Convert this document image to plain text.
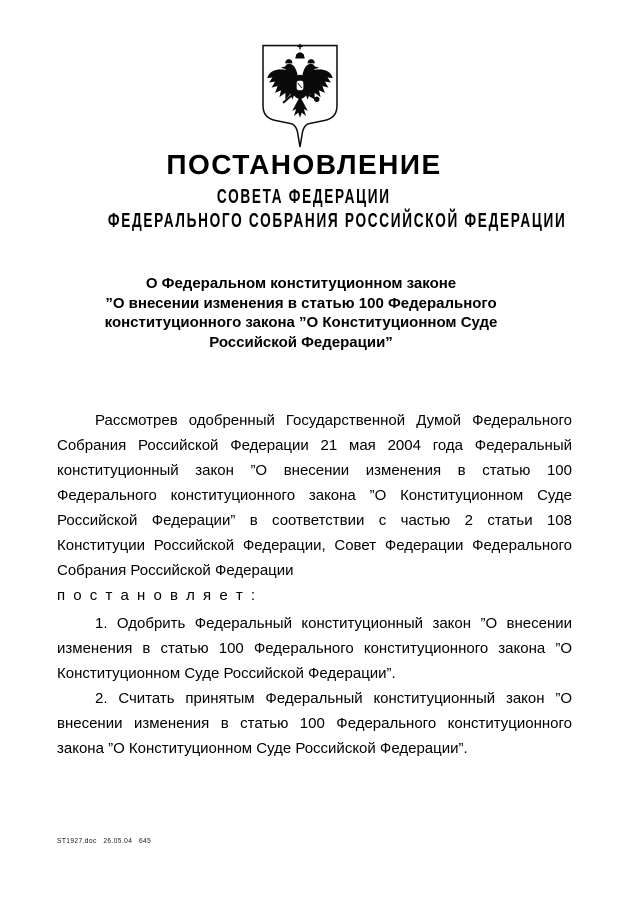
ПОСТАНОВЛЕНИЕ
СОВЕТА ФЕДЕРАЦИИ
ФЕДЕРАЛЬНОГО СОБРАНИЯ РОССИЙСКОЙ ФЕДЕРАЦИИ
О Федеральном конституционном законе
”О внесении изменения в статью 100 Федерального
конституционного закона ”О Конституционном Суде
Российской Федерации”

Рассмотрев одобренный Государственной Думой Федерального Собрания Российской Федерации 21 мая 2004 года Федеральный конституционный закон ”О внесении изменения в статью 100 Федерального конституционного закона ”О Конституционном Суде Российской Федерации” в соответствии с частью 2 статьи 108 Конституции Российской Федерации, Совет Федерации Федерального Собрания Российской Федерации

п о с т а н о в л я е т :

1. Одобрить Федеральный конституционный закон ”О внесении изменения в статью 100 Федерального конституционного закона ”О Конституционном Суде Российской Федерации”.

2. Считать принятым Федеральный конституционный закон ”О внесении изменения в статью 100 Федерального конституционного закона ”О Конституционном Суде Российской Федерации”.

ST1927.doc   26.05.04   645
